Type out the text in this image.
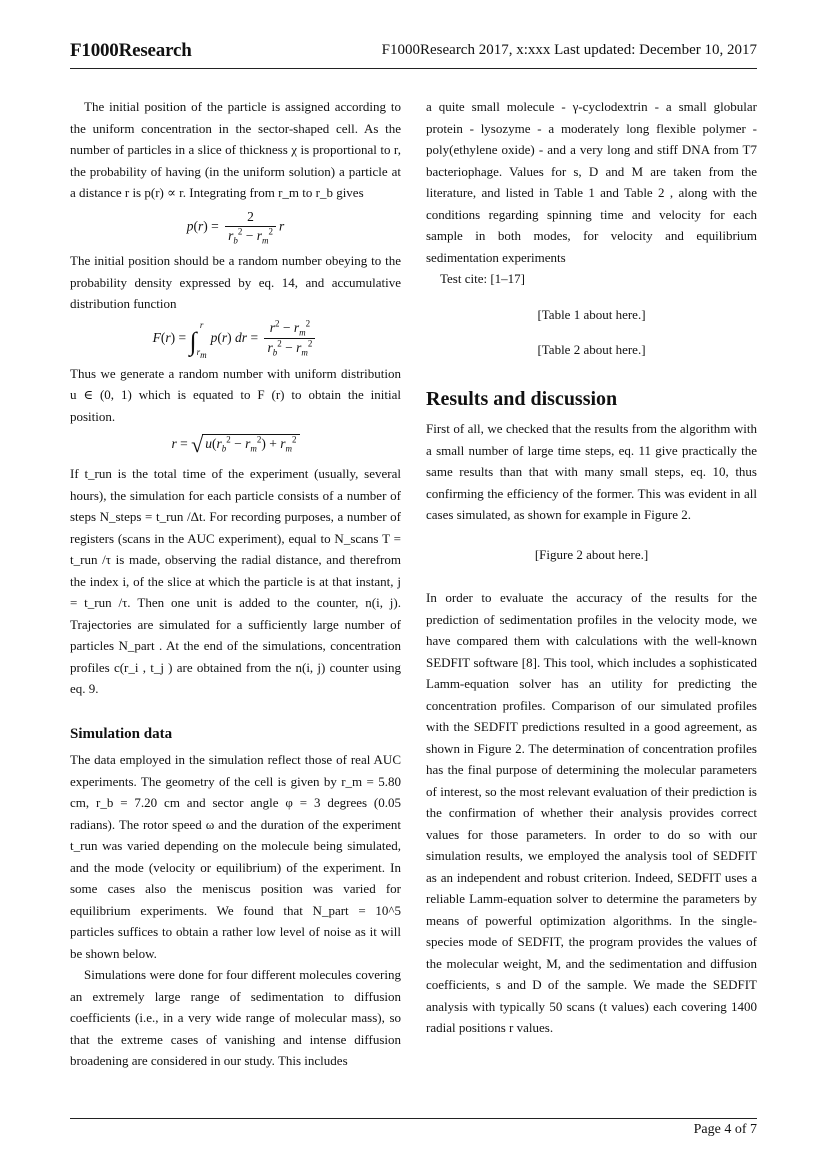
F1000Research	F1000Research 2017, x:xxx Last updated: December 10, 2017

The initial position of the particle is assigned according to the uniform concentration in the sector-shaped cell. As the number of particles in a slice of thickness χ is proportional to r, the probability of having (in the uniform solution) a particle at a distance r is p(r) ∝ r. Integrating from r_m to r_b gives

$p(r) = \frac{2}{r_b^2 - r_m^2}$ r

The initial position should be a random number obeying to the probability density expressed by eq. 14, and accumulative distribution function

F(r) = ∫
r
$r_mp(r)$ dr = $\frac{r^2 - r_m^2}{r_b^2 - r_m^2}$

Thus we generate a random number with uniform distribution u ∈ (0, 1) which is equated to F (r) to obtain the initial position.

r = √ $u(r_b^2 - r_m^2) + r_m^2$

If t_run is the total time of the experiment (usually, several hours), the simulation for each particle consists of a number of steps N_steps = t_run /Δt. For recording purposes, a number of registers (scans in the AUC experiment), equal to N_scans T = t_run /τ is made, observing the radial distance, and therefrom the index i, of the slice at which the particle is at that instant, j = t_run /τ. Then one unit is added to the counter, n(i, j). Trajectories are simulated for a sufficiently large number of particles N_part . At the end of the simulations, concentration profiles c(r_i , t_j ) are obtained from the n(i, j) counter using eq. 9.

Simulation data

The data employed in the simulation reflect those of real AUC experiments. The geometry of the cell is given by r_m = 5.80 cm, r_b = 7.20 cm and sector angle φ = 3 degrees (0.05 radians). The rotor speed ω and the duration of the experiment t_run was varied depending on the molecule being simulated, and the mode (velocity or equilibrium) of the experiment. In some cases also the meniscus position was varied for equilibrium experiments. We found that N_part = 10^5 particles suffices to obtain a rather low level of noise as it will be shown below.

Simulations were done for four different molecules covering an extremely large range of sedimentation to diffusion coefficients (i.e., in a very wide range of molecular mass), so that the extreme cases of vanishing and intense diffusion broadening are considered in our study. This includes

a quite small molecule - γ-cyclodextrin - a small globular protein - lysozyme - a moderately long flexible polymer - poly(ethylene oxide) - and a very long and stiff DNA from T7 bacteriophage. Values for s, D and M are taken from the literature, and listed in Table 1 and Table 2 , along with the conditions regarding spinning time and velocity for each sample in both modes, for velocity and equilibrium sedimentation experiments

Test cite: [1–17]

[Table 1 about here.]
[Table 2 about here.]
Results and discussion

First of all, we checked that the results from the algorithm with a small number of large time steps, eq. 11 give practically the same results than that with many small steps, eq. 10, thus confirming the efficiency of the former. This was evident in all cases simulated, as shown for example in Figure 2.

[Figure 2 about here.]

In order to evaluate the accuracy of the results for the prediction of sedimentation profiles in the velocity mode, we have compared them with calculations with the well-known SEDFIT software [8]. This tool, which includes a sophisticated Lamm-equation solver has an utility for predicting the concentration profiles. Comparison of our simulated profiles with the SEDFIT predictions resulted in a good agreement, as shown in Figure 2. The determination of concentration profiles has the final purpose of determining the molecular parameters of interest, so the most relevant evaluation of their prediction is the confirmation of whether their analysis provides correct values for those parameters. In order to do so with our simulation results, we employed the analysis tool of SEDFIT as an independent and robust criterion. Indeed, SEDFIT uses a reliable Lamm-equation solver to determine the parameters by means of powerful optimization algorithms. In the single-species mode of SEDFIT, the program provides the values of the molecular weight, M, and the sedimentation and diffusion coefficients, s and D of the sample. We made the SEDFIT analysis with typically 50 scans (t values) each covering 1400 radial positions r values.

Page 4 of 7
